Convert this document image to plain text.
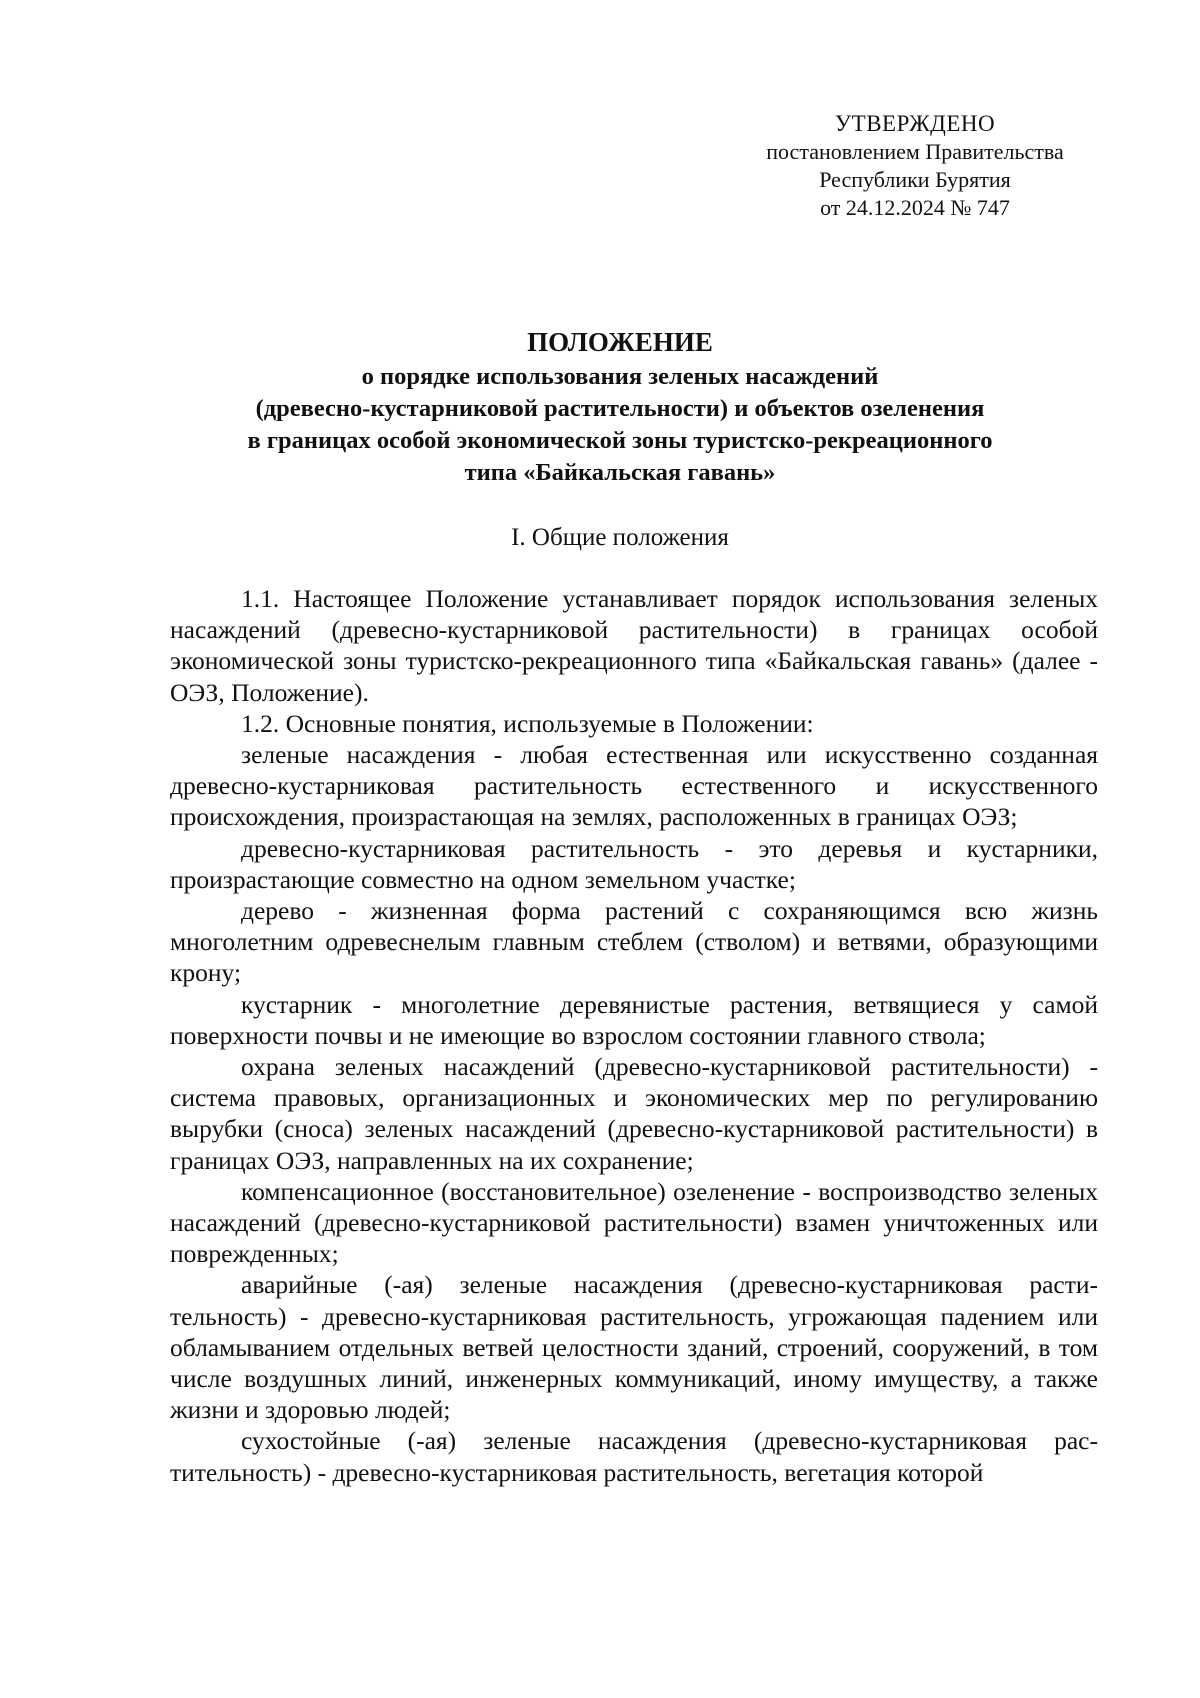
УТВЕРЖДЕНО
постановлением Правительства
Республики Бурятия
от 24.12.2024 № 747
ПОЛОЖЕНИЕ
о порядке использования зеленых насаждений
(древесно-кустарниковой растительности) и объектов озеленения
в границах особой экономической зоны туристско-рекреационного
типа «Байкальская гавань»
I. Общие положения

1.1. Настоящее Положение устанавливает порядок использования зеленых насаждений (древесно-кустарниковой растительности) в границах особой экономической зоны туристско-рекреационного типа «Байкальская гавань» (далее - ОЭЗ, Положение).

1.2. Основные понятия, используемые в Положении:

зеленые насаждения - любая естественная или искусственно созданная древесно-кустарниковая растительность естественного и искусственного происхождения, произрастающая на землях, расположенных в границах ОЭЗ;

древесно-кустарниковая растительность - это деревья и кустарники, произрастающие совместно на одном земельном участке;

дерево - жизненная форма растений с сохраняющимся всю жизнь многолетним одревеснелым главным стеблем (стволом) и ветвями, образующими крону;

кустарник - многолетние деревянистые растения, ветвящиеся у самой поверхности почвы и не имеющие во взрослом состоянии главного ствола;

охрана зеленых насаждений (древесно-кустарниковой растительности) - система правовых, организационных и экономических мер по регулированию вырубки (сноса) зеленых насаждений (древесно-кустарниковой растительности) в границах ОЭЗ, направленных на их сохранение;

компенсационное (восстановительное) озеленение - воспроизводство зеленых насаждений (древесно-кустарниковой растительности) взамен уничтоженных или поврежденных;

аварийные (-ая) зеленые насаждения (древесно-кустарниковая растительность) - древесно-кустарниковая растительность, угрожающая падением или обламыванием отдельных ветвей целостности зданий, строений, сооружений, в том числе воздушных линий, инженерных коммуникаций, иному имуществу, а также жизни и здоровью людей;

сухостойные (-ая) зеленые насаждения (древесно-кустарниковая растительность) - древесно-кустарниковая растительность, вегетация которой
